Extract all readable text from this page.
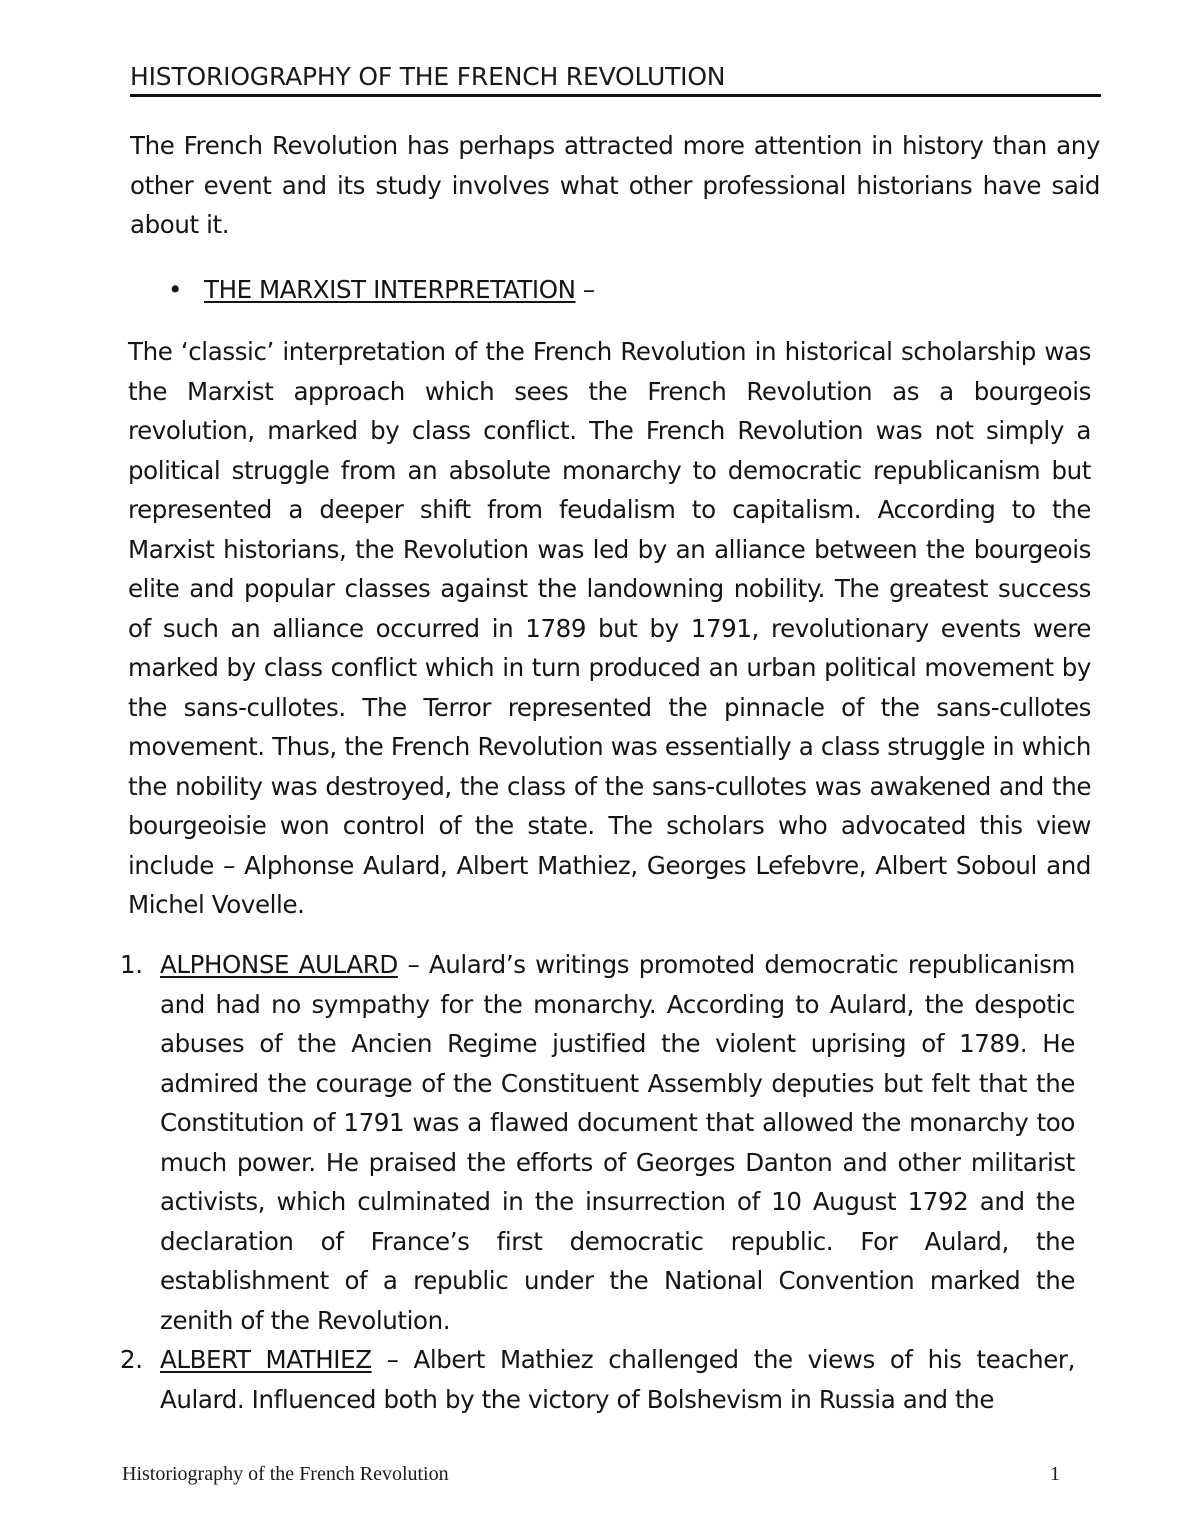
HISTORIOGRAPHY OF THE FRENCH REVOLUTION

The French Revolution has perhaps attracted more attention in history than any other event and its study involves what other professional historians have said about it.

• THE MARXIST INTERPRETATION –

The ‘classic’ interpretation of the French Revolution in historical scholarship was the Marxist approach which sees the French Revolution as a bourgeois revolution, marked by class conflict. The French Revolution was not simply a political struggle from an absolute monarchy to democratic republicanism but represented a deeper shift from feudalism to capitalism. According to the Marxist historians, the Revolution was led by an alliance between the bourgeois elite and popular classes against the landowning nobility. The greatest success of such an alliance occurred in 1789 but by 1791, revolutionary events were marked by class conflict which in turn produced an urban political movement by the sans-cullotes. The Terror represented the pinnacle of the sans-cullotes movement. Thus, the French Revolution was essentially a class struggle in which the nobility was destroyed, the class of the sans-cullotes was awakened and the bourgeoisie won control of the state. The scholars who advocated this view include – Alphonse Aulard, Albert Mathiez, Georges Lefebvre, Albert Soboul and Michel Vovelle.

1. ALPHONSE AULARD – Aulard’s writings promoted democratic republicanism and had no sympathy for the monarchy. According to Aulard, the despotic abuses of the Ancien Regime justified the violent uprising of 1789. He admired the courage of the Constituent Assembly deputies but felt that the Constitution of 1791 was a flawed document that allowed the monarchy too much power. He praised the efforts of Georges Danton and other militarist activists, which culminated in the insurrection of 10 August 1792 and the declaration of France’s first democratic republic. For Aulard, the establishment of a republic under the National Convention marked the zenith of the Revolution.
2. ALBERT MATHIEZ – Albert Mathiez challenged the views of his teacher, Aulard. Influenced both by the victory of Bolshevism in Russia and the
Historiography of the French Revolution	1
